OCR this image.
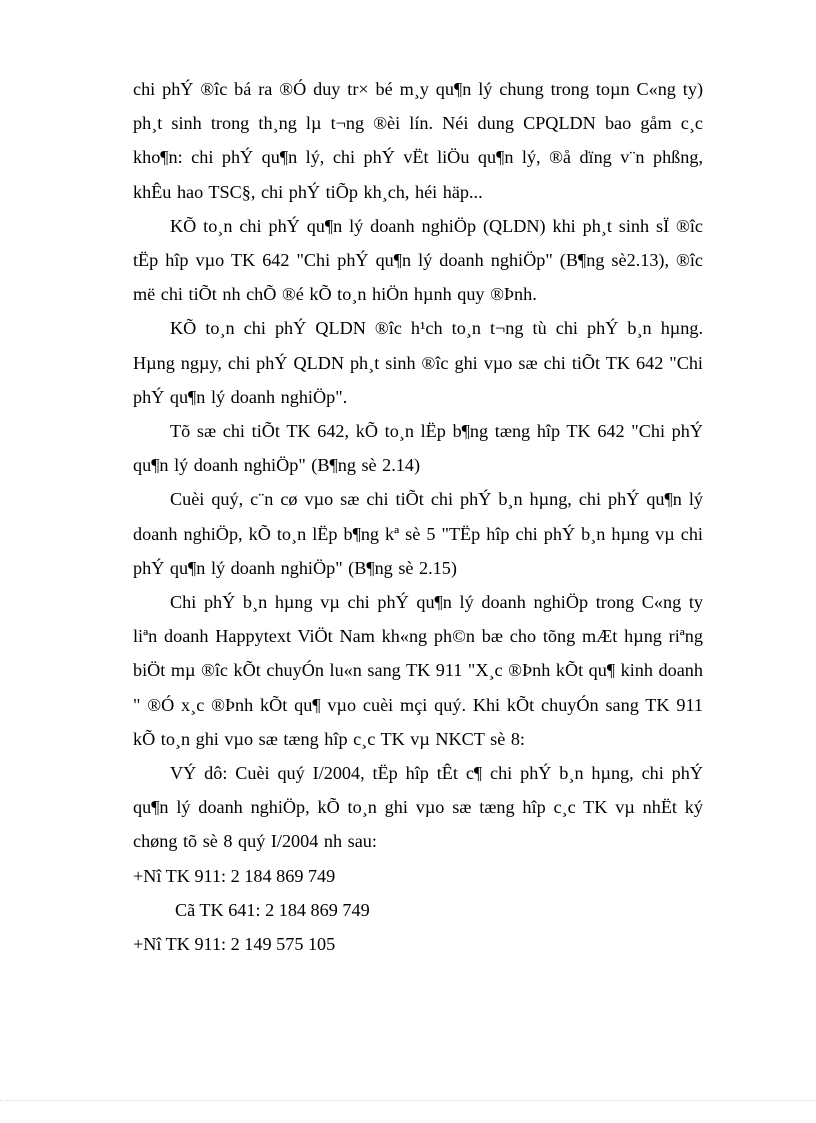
chi phÝ ®îc bá ra ®Ó duy tr× bé m¸y qu¶n lý chung trong toµn C«ng ty) ph¸t sinh trong th¸ng lµ t¬ng ®èi lín. Néi dung CPQLDN bao gåm c¸c kho¶n: chi phÝ qu¶n lý, chi phÝ vËt liÖu qu¶n lý, ®å dïng v¨n phßng, khÊu hao TSC§, chi phÝ tiÕp kh¸ch, héi häp...

KÕ to¸n chi phÝ qu¶n lý doanh nghiÖp (QLDN) khi ph¸t sinh sÏ ®îc tËp hîp vµo TK 642 "Chi phÝ qu¶n lý doanh nghiÖp" (B¶ng sè2.13), ®îc më chi tiÕt nh chÕ ®é kÕ to¸n hiÖn hµnh quy ®Þnh.

KÕ to¸n chi phÝ QLDN ®îc h¹ch to¸n t¬ng tù chi phÝ b¸n hµng. Hµng ngµy, chi phÝ QLDN ph¸t sinh ®îc ghi vµo sæ chi tiÕt TK 642 "Chi phÝ qu¶n lý doanh nghiÖp".

Tõ sæ chi tiÕt TK 642, kÕ to¸n lËp b¶ng tæng hîp TK 642 "Chi phÝ qu¶n lý doanh nghiÖp" (B¶ng sè 2.14)

Cuèi quý, c¨n cø vµo sæ chi tiÕt chi phÝ b¸n hµng, chi phÝ qu¶n lý doanh nghiÖp, kÕ to¸n lËp b¶ng kª sè 5 "TËp hîp chi phÝ b¸n hµng vµ chi phÝ qu¶n lý doanh nghiÖp" (B¶ng sè 2.15)

Chi phÝ b¸n hµng vµ chi phÝ qu¶n lý doanh nghiÖp trong C«ng ty liªn doanh Happytext ViÖt Nam kh«ng ph©n bæ cho tõng mÆt hµng riªng biÖt mµ ®îc kÕt chuyÓn lu«n sang TK 911 "X¸c ®Þnh kÕt qu¶ kinh doanh " ®Ó x¸c ®Þnh kÕt qu¶ vµo cuèi mçi quý. Khi kÕt chuyÓn sang TK 911 kÕ to¸n ghi vµo sæ tæng hîp c¸c TK vµ NKCT sè 8:

VÝ dô: Cuèi quý I/2004, tËp hîp tÊt c¶ chi phÝ b¸n hµng, chi phÝ qu¶n lý doanh nghiÖp, kÕ to¸n ghi vµo sæ tæng hîp c¸c TK vµ nhËt ký chøng tõ sè 8 quý I/2004 nh sau:

+Nî TK 911: 2 184 869 749

Cã TK 641: 2 184 869 749

+Nî TK 911: 2 149 575 105
